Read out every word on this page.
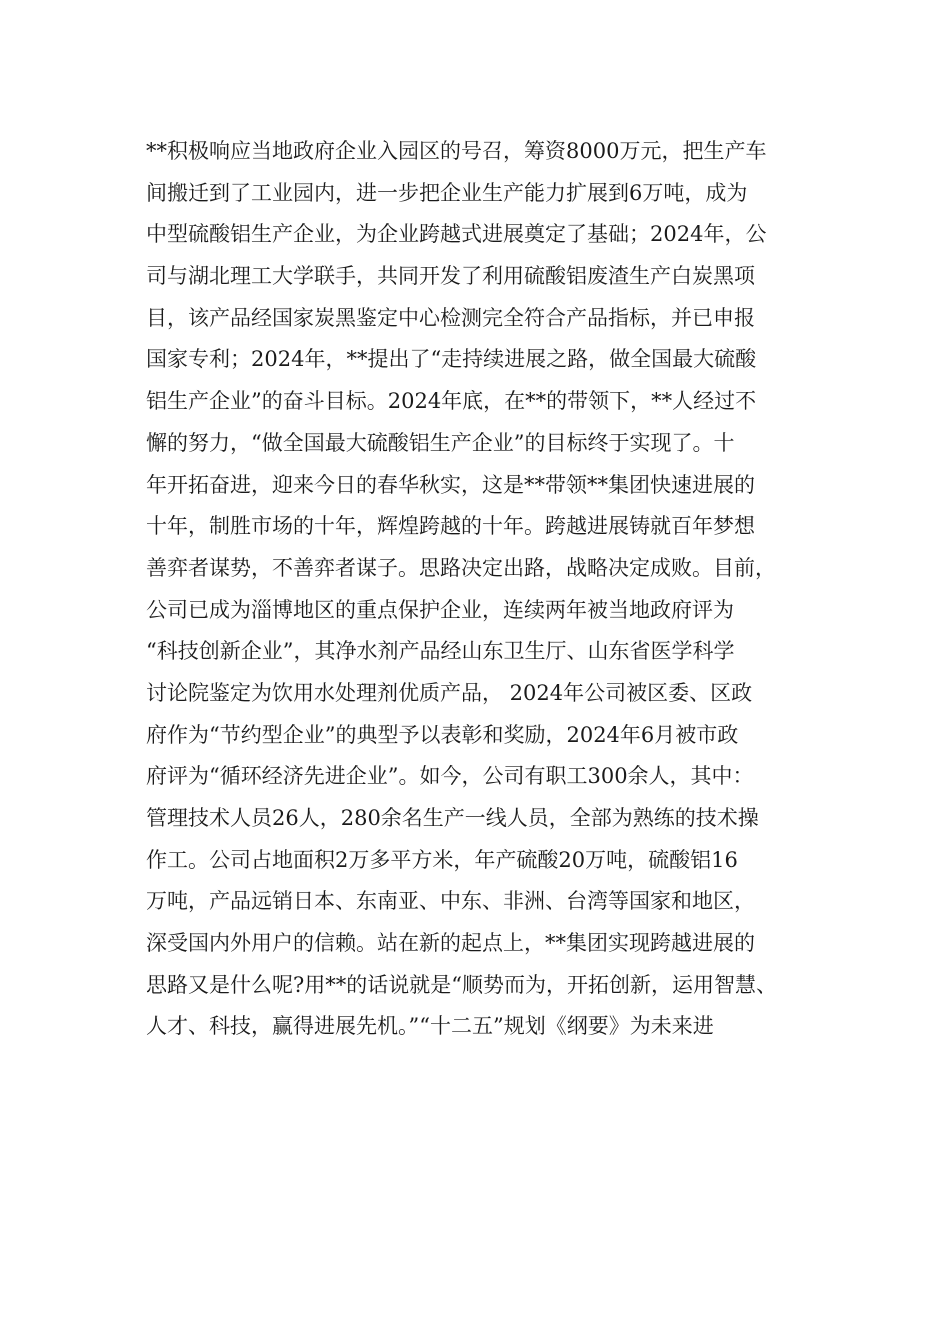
**积极响应当地政府企业入园区的号召，筹资8000万元，把生产车
间搬迁到了工业园内，进一步把企业生产能力扩展到6万吨，成为
中型硫酸铝生产企业，为企业跨越式进展奠定了基础；2024年，公
司与湖北理工大学联手，共同开发了利用硫酸铝废渣生产白炭黑项
目，该产品经国家炭黑鉴定中心检测完全符合产品指标，并已申报
国家专利；2024年，**提出了“走持续进展之路，做全国最大硫酸
铝生产企业”的奋斗目标。2024年底，在**的带领下，**人经过不
懈的努力，“做全国最大硫酸铝生产企业”的目标终于实现了。十
年开拓奋进，迎来今日的春华秋实，这是**带领**集团快速进展的
十年，制胜市场的十年，辉煌跨越的十年。跨越进展铸就百年梦想
善弈者谋势，不善弈者谋子。思路决定出路，战略决定成败。目前，
公司已成为淄博地区的重点保护企业，连续两年被当地政府评为
“科技创新企业”，其净水剂产品经山东卫生厅、山东省医学科学
讨论院鉴定为饮用水处理剂优质产品， 2024年公司被区委、区政
府作为“节约型企业”的典型予以表彰和奖励，2024年6月被市政
府评为“循环经济先进企业”。如今，公司有职工300余人，其中：
管理技术人员26人，280余名生产一线人员，全部为熟练的技术操
作工。公司占地面积2万多平方米，年产硫酸20万吨，硫酸铝16
万吨，产品远销日本、东南亚、中东、非洲、台湾等国家和地区，
深受国内外用户的信赖。站在新的起点上，**集团实现跨越进展的
思路又是什么呢?用**的话说就是“顺势而为，开拓创新，运用智慧、
人才、科技，赢得进展先机。”“十二五”规划《纲要》为未来进
